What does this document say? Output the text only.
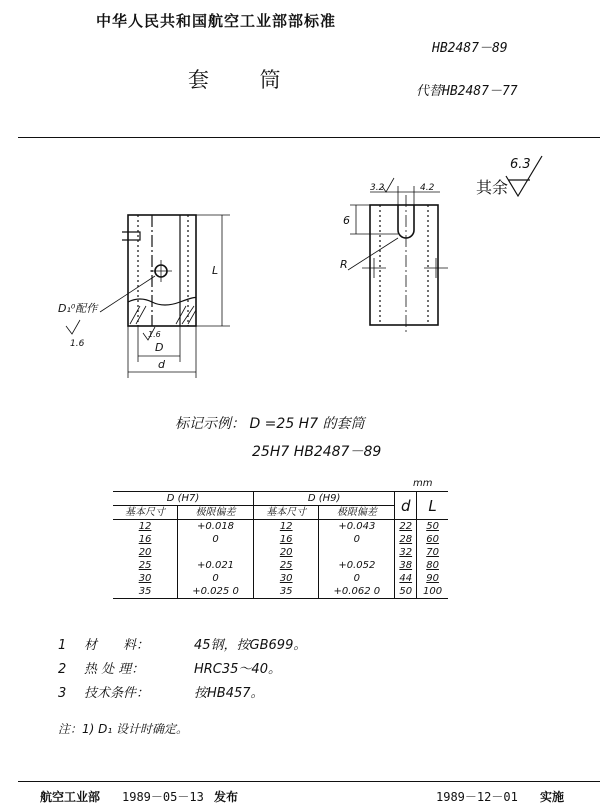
中华人民共和国航空工业部部标准
HB2487－89
套 筒	代替HB2487－77
其余
6.3
D₁⁰配作
1.6	D
d
L
1.6
R
6
3.2	4.2
标记示例： D =25 H7 的套筒
25H7 HB2487－89
mm
D (H7)		D (H9)		d	L
基本尺寸	极限偏差	基本尺寸	极限偏差		
12	+0.018	12	+0.043	22	50
16	0	16	0	28	60
20		20		32	70
25	+0.021	25	+0.052	38	80
30	0	30	0	44	90
35	+0.025 0	35	+0.062 0	50	100
1 材　　料：	45钢，按GB699。
2 热 处 理：	HRC35～40。
3 技术条件：	按HB457。
注：1) D₁ 设计时确定。
航空工业部 1989－05－13 发布	1989－12－01 实施
